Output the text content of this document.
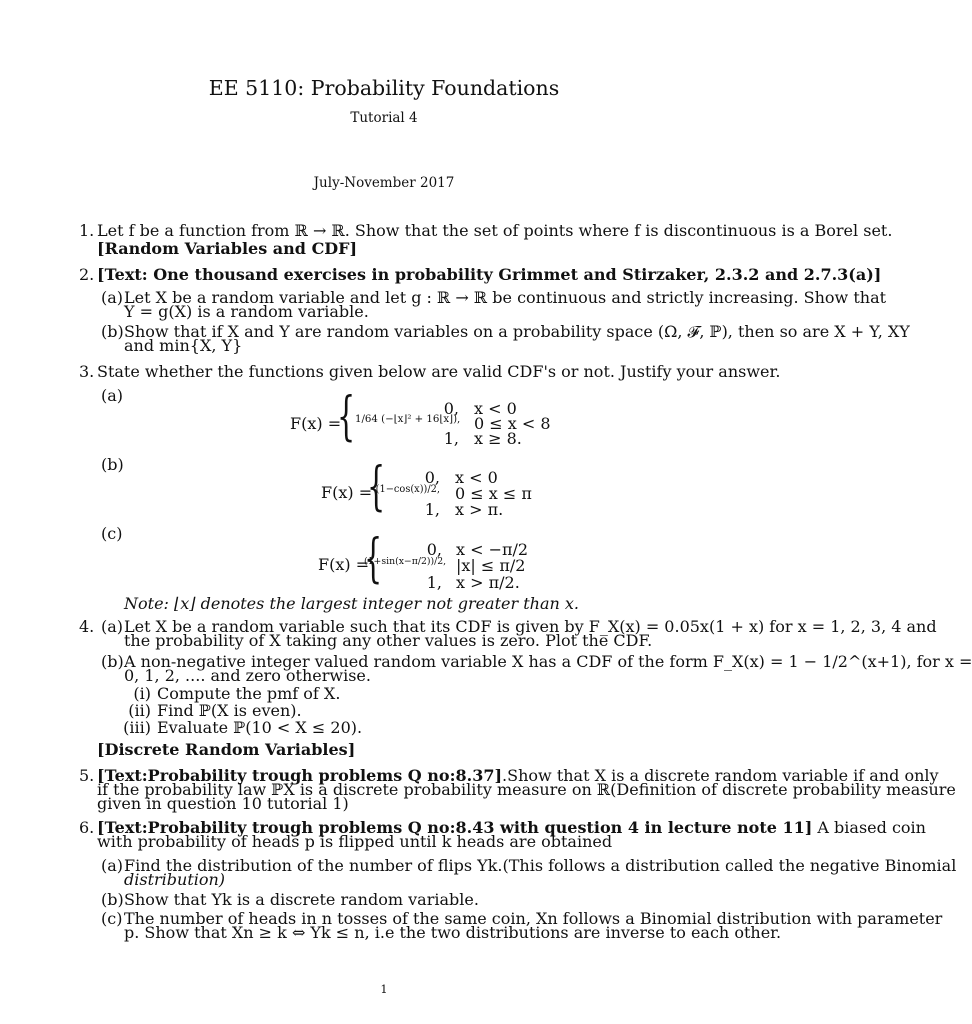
EE 5110: Probability Foundations
Tutorial 4
July-November 2017
1. Let f be a function from ℝ → ℝ. Show that the set of points where f is discontinuous is a Borel set.
[Random Variables and CDF]
2. [Text: One thousand exercises in probability Grimmet and Stirzaker, 2.3.2 and 2.7.3(a)]
(a) Let X be a random variable and let g : ℝ → ℝ be continuous and strictly increasing. Show that
Y = g(X) is a random variable.
(b) Show that if X and Y are random variables on a probability space (Ω, 𝓕, ℙ), then so are X + Y, XY
and min{X, Y}
3. State whether the functions given below are valid CDF's or not. Justify your answer.
(a)
F(x) =
{	0, x < 0
1/64 (−⌊x⌋² + 16⌊x⌋), 0 ≤ x < 8
1, x ≥ 8.
(b)
F(x) =
{	0, x < 0
(1−cos(x))/2, 0 ≤ x ≤ π
1, x > π.
(c)
F(x) =
{	0, x < −π/2
(1+sin(x−π/2))/2, |x| ≤ π/2
1, x > π/2.
Note: ⌊x⌋ denotes the largest integer not greater than x.
4. (a) Let X be a random variable such that its CDF is given by F_X(x) = 0.05x(1 + x) for x = 1, 2, 3, 4 and
the probability of X taking any other values is zero. Plot the CDF.
(b) A non-negative integer valued random variable X has a CDF of the form F_X(x) = 1 − 1/2^(x+1), for x =
0, 1, 2, .... and zero otherwise.
(i) Compute the pmf of X.
(ii) Find ℙ(X is even).
(iii) Evaluate ℙ(10 < X ≤ 20).
[Discrete Random Variables]
5. [Text:Probability trough problems Q no:8.37].Show that X is a discrete random variable if and only
if the probability law ℙX is a discrete probability measure on ℝ(Definition of discrete probability measure
given in question 10 tutorial 1)
6. [Text:Probability trough problems Q no:8.43 with question 4 in lecture note 11] A biased coin
with probability of heads p is flipped until k heads are obtained
(a) Find the distribution of the number of flips Yk.(This follows a distribution called the negative Binomial
distribution)
(b) Show that Yk is a discrete random variable.
(c) The number of heads in n tosses of the same coin, Xn follows a Binomial distribution with parameter
p. Show that Xn ≥ k ⇔ Yk ≤ n, i.e the two distributions are inverse to each other.
1
